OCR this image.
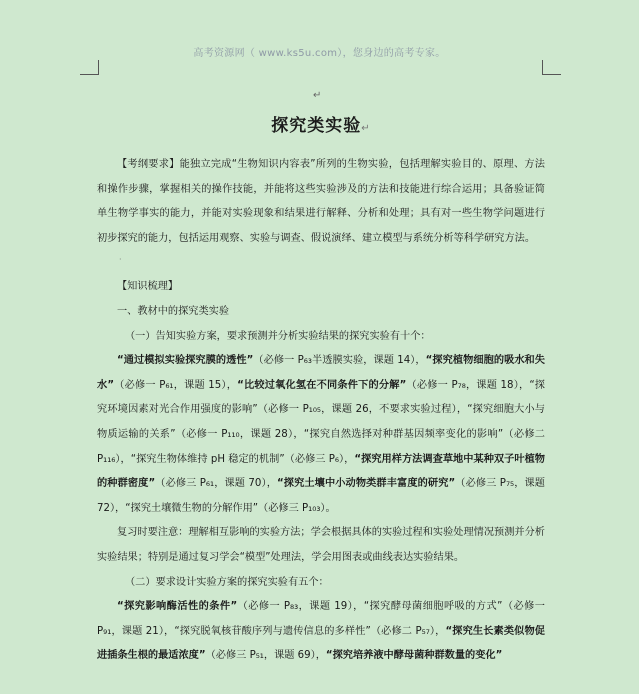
高考资源网（ www.ks5u.com），您身边的高考专家。
↵
探究类实验↵

【考纲要求】能独立完成“生物知识内容表”所列的生物实验，包括理解实验目的、原理、方法和操作步骤，掌握相关的操作技能，并能将这些实验涉及的方法和技能进行综合运用；具备验证简单生物学事实的能力，并能对实验现象和结果进行解释、分析和处理；具有对一些生物学问题进行初步探究的能力，包括运用观察、实验与调查、假说演绎、建立模型与系统分析等科学研究方法。

·

【知识梳理】

一、教材中的探究类实验

（一）告知实验方案，要求预测并分析实验结果的探究实验有十个：

“通过模拟实验探究膜的透性”（必修一 P₆₃半透膜实验，课题 14），“探究植物细胞的吸水和失水”（必修一 P₆₁，课题 15），“比较过氧化氢在不同条件下的分解”（必修一 P₇₈，课题 18），“探究环境因素对光合作用强度的影响”（必修一 P₁₀₅，课题 26，不要求实验过程），“探究细胞大小与物质运输的关系”（必修一 P₁₁₀，课题 28），“探究自然选择对种群基因频率变化的影响”（必修二 P₁₁₆），“探究生物体维持 pH 稳定的机制”（必修三 P₆），“探究用样方法调查草地中某种双子叶植物的种群密度”（必修三 P₆₁，课题 70），“探究土壤中小动物类群丰富度的研究”（必修三 P₇₅，课题 72），“探究土壤微生物的分解作用”（必修三 P₁₀₃）。

复习时要注意：理解相互影响的实验方法；学会根据具体的实验过程和实验处理情况预测并分析实验结果；特别是通过复习学会“模型”处理法，学会用图表或曲线表达实验结果。

（二）要求设计实验方案的探究实验有五个：

“探究影响酶活性的条件”（必修一 P₈₃，课题 19），“探究酵母菌细胞呼吸的方式”（必修一 P₉₁，课题 21），“探究脱氧核苷酸序列与遗传信息的多样性”（必修二 P₅₇），“探究生长素类似物促进插条生根的最适浓度”（必修三 P₅₁，课题 69），“探究培养液中酵母菌种群数量的变化”
